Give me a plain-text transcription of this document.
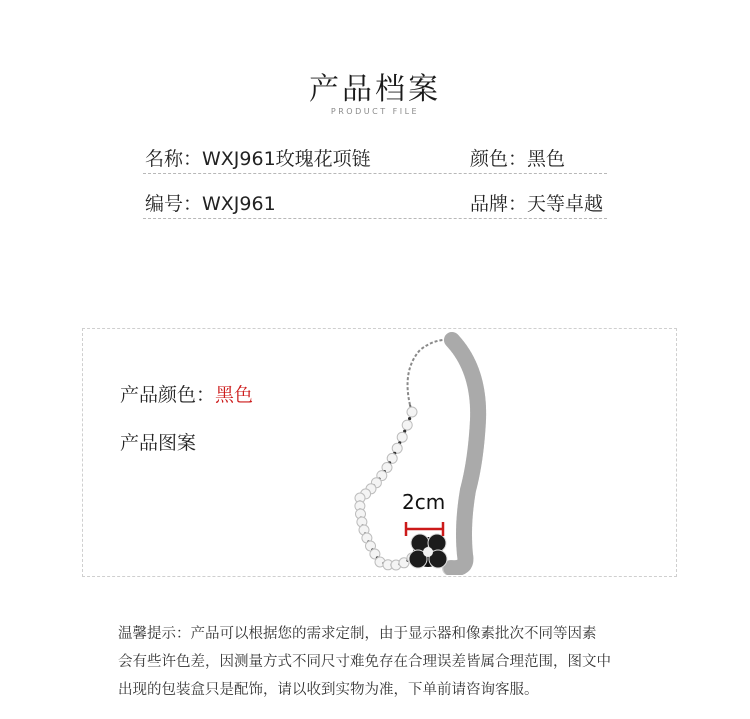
产品档案
PRODUCT FILE
名称：WXJ961玫瑰花项链	颜色：黑色
编号：WXJ961	品牌：天等卓越
产品颜色：黑色
产品图案
2cm

温馨提示：产品可以根据您的需求定制，由于显示器和像素批次不同等因素

会有些许色差，因测量方式不同尺寸难免存在合理误差皆属合理范围，图文中

出现的包装盒只是配饰，请以收到实物为准，下单前请咨询客服。
